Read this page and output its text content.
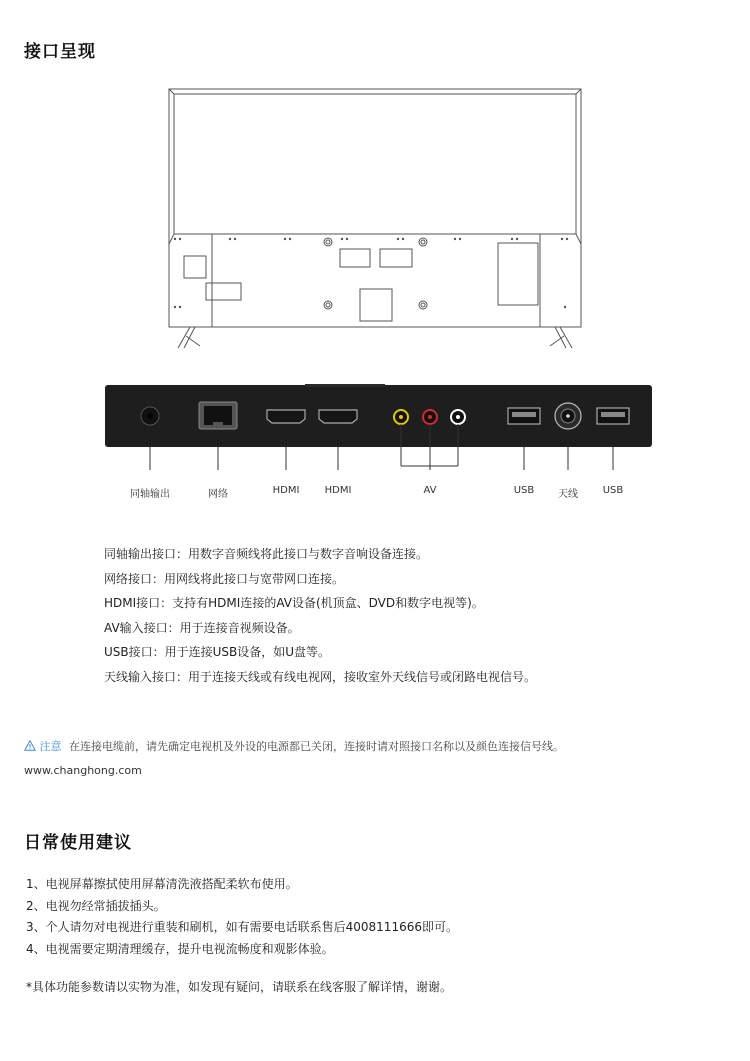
接口呈现
同轴输出	网络	HDMI	HDMI	AV	USB	天线	USB
同轴输出接口：用数字音频线将此接口与数字音响设备连接。
网络接口：用网线将此接口与宽带网口连接。
HDMI接口：支持有HDMI连接的AV设备(机顶盒、DVD和数字电视等)。
AV输入接口：用于连接音视频设备。
USB接口：用于连接USB设备，如U盘等。
天线输入接口：用于连接天线或有线电视网，接收室外天线信号或闭路电视信号。
注意 在连接电缆前，请先确定电视机及外设的电源都已关闭，连接时请对照接口名称以及颜色连接信号线。
www.changhong.com
日常使用建议
1、电视屏幕擦拭使用屏幕清洗液搭配柔软布使用。
2、电视勿经常插拔插头。
3、个人请勿对电视进行重装和刷机，如有需要电话联系售后4008111666即可。
4、电视需要定期清理缓存，提升电视流畅度和观影体验。
*具体功能参数请以实物为准，如发现有疑问，请联系在线客服了解详情，谢谢。
